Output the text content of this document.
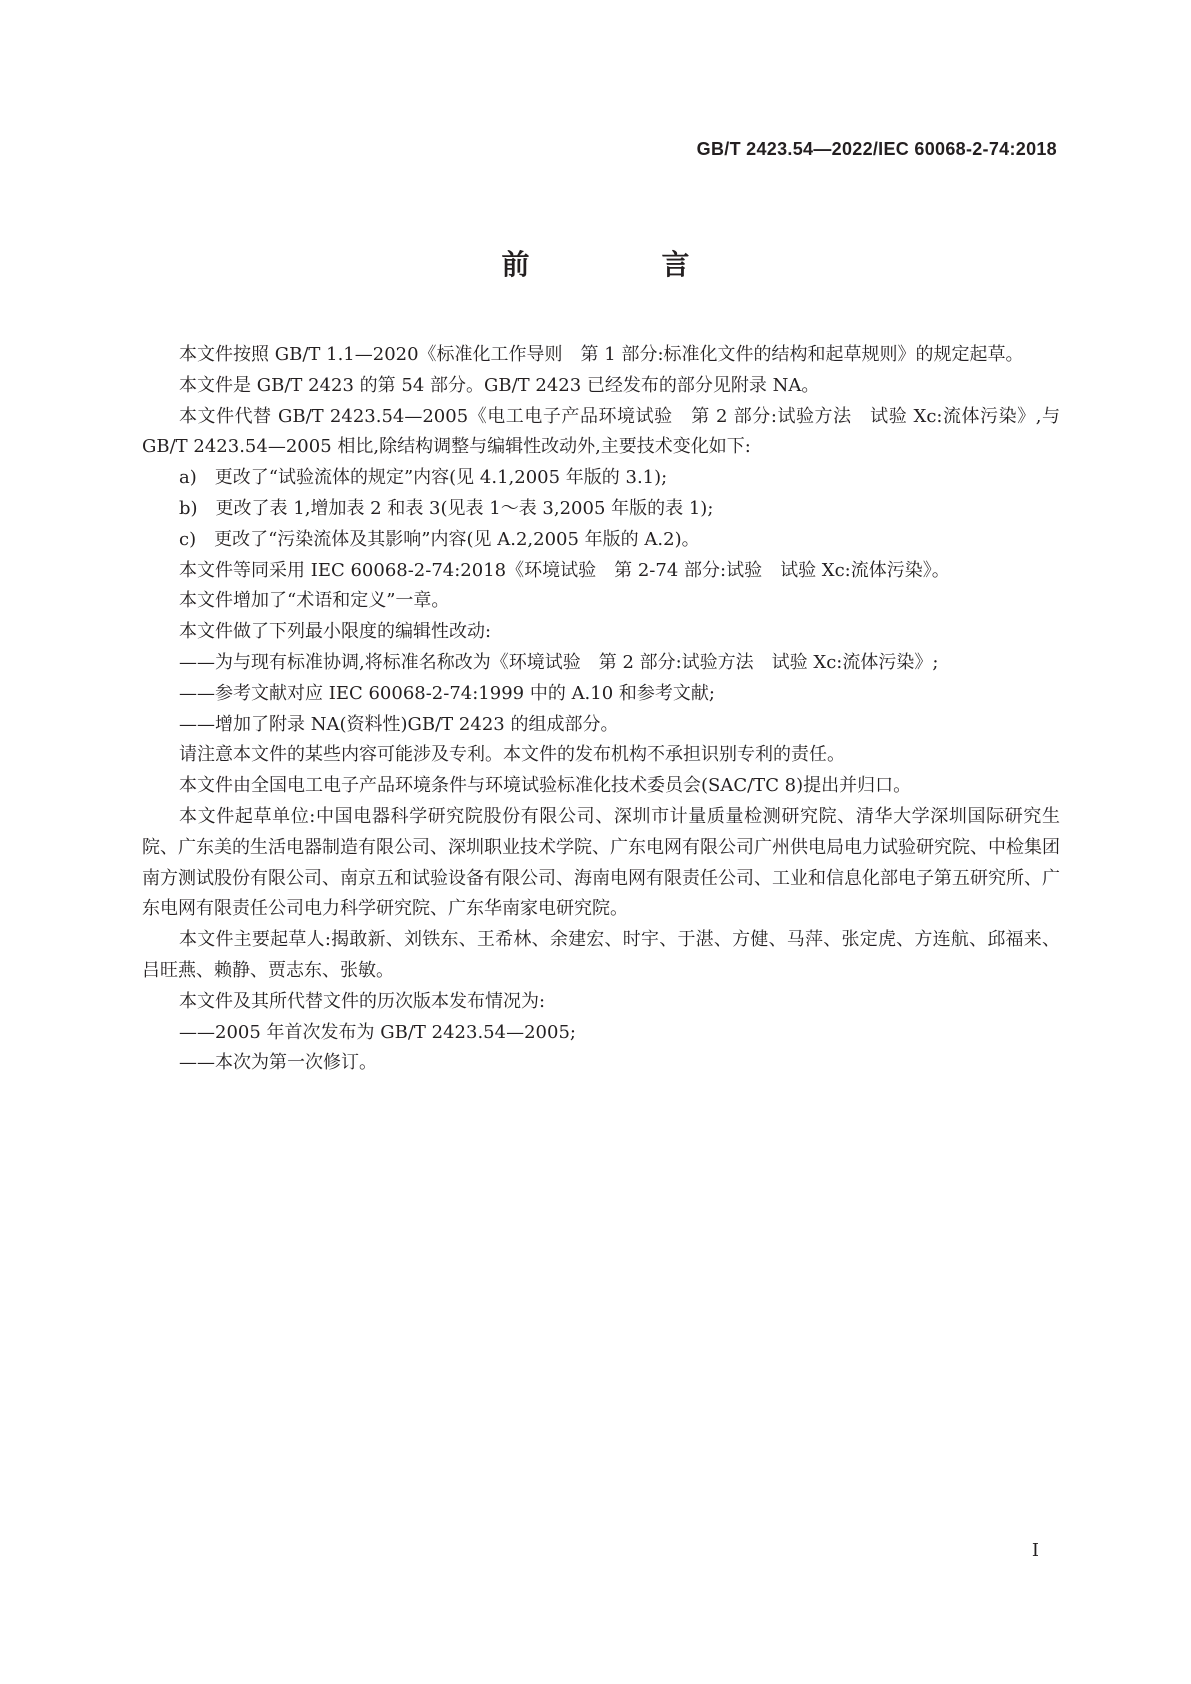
GB/T 2423.54—2022/IEC 60068-2-74:2018
前　言

本文件按照 GB/T 1.1—2020《标准化工作导则　第 1 部分:标准化文件的结构和起草规则》的规定起草。

本文件是 GB/T 2423 的第 54 部分。GB/T 2423 已经发布的部分见附录 NA。

本文件代替 GB/T 2423.54—2005《电工电子产品环境试验　第 2 部分:试验方法　试验 Xc:流体污染》,与 GB/T 2423.54—2005 相比,除结构调整与编辑性改动外,主要技术变化如下:

a)　更改了“试验流体的规定”内容(见 4.1,2005 年版的 3.1);

b)　更改了表 1,增加表 2 和表 3(见表 1～表 3,2005 年版的表 1);

c)　更改了“污染流体及其影响”内容(见 A.2,2005 年版的 A.2)。

本文件等同采用 IEC 60068-2-74:2018《环境试验　第 2-74 部分:试验　试验 Xc:流体污染》。

本文件增加了“术语和定义”一章。

本文件做了下列最小限度的编辑性改动:

——为与现有标准协调,将标准名称改为《环境试验　第 2 部分:试验方法　试验 Xc:流体污染》;

——参考文献对应 IEC 60068-2-74:1999 中的 A.10 和参考文献;

——增加了附录 NA(资料性)GB/T 2423 的组成部分。

请注意本文件的某些内容可能涉及专利。本文件的发布机构不承担识别专利的责任。

本文件由全国电工电子产品环境条件与环境试验标准化技术委员会(SAC/TC 8)提出并归口。

本文件起草单位:中国电器科学研究院股份有限公司、深圳市计量质量检测研究院、清华大学深圳国际研究生院、广东美的生活电器制造有限公司、深圳职业技术学院、广东电网有限公司广州供电局电力试验研究院、中检集团南方测试股份有限公司、南京五和试验设备有限公司、海南电网有限责任公司、工业和信息化部电子第五研究所、广东电网有限责任公司电力科学研究院、广东华南家电研究院。

本文件主要起草人:揭敢新、刘铁东、王希林、余建宏、时宇、于湛、方健、马萍、张定虎、方连航、邱福来、吕旺燕、赖静、贾志东、张敏。

本文件及其所代替文件的历次版本发布情况为:

——2005 年首次发布为 GB/T 2423.54—2005;

——本次为第一次修订。

I
